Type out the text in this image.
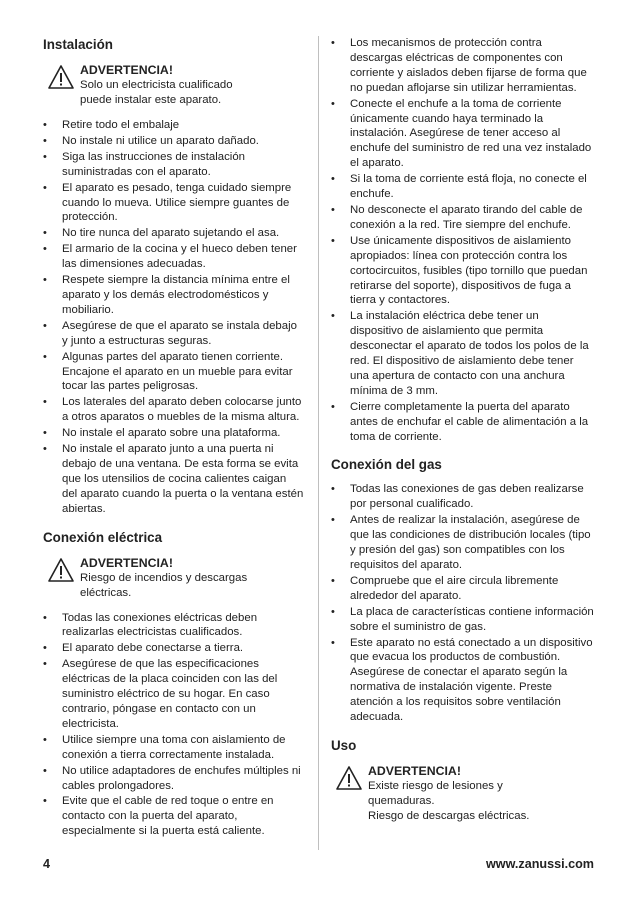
Instalación
ADVERTENCIA!
Solo un electricista cualificado
puede instalar este aparato.
• Retire todo el embalaje
• No instale ni utilice un aparato dañado.
• Siga las instrucciones de instalación suministradas con el aparato.
• El aparato es pesado, tenga cuidado siempre cuando lo mueva. Utilice siempre guantes de protección.
• No tire nunca del aparato sujetando el asa.
• El armario de la cocina y el hueco deben tener las dimensiones adecuadas.
• Respete siempre la distancia mínima entre el aparato y los demás electrodomésticos y mobiliario.
• Asegúrese de que el aparato se instala debajo y junto a estructuras seguras.
• Algunas partes del aparato tienen corriente. Encajone el aparato en un mueble para evitar tocar las partes peligrosas.
• Los laterales del aparato deben colocarse junto a otros aparatos o muebles de la misma altura.
• No instale el aparato sobre una plataforma.
• No instale el aparato junto a una puerta ni debajo de una ventana. De esta forma se evita que los utensilios de cocina calientes caigan del aparato cuando la puerta o la ventana estén abiertas.
Conexión eléctrica
ADVERTENCIA!
Riesgo de incendios y descargas
eléctricas.
• Todas las conexiones eléctricas deben realizarlas electricistas cualificados.
• El aparato debe conectarse a tierra.
• Asegúrese de que las especificaciones eléctricas de la placa coinciden con las del suministro eléctrico de su hogar. En caso contrario, póngase en contacto con un electricista.
• Utilice siempre una toma con aislamiento de conexión a tierra correctamente instalada.
• No utilice adaptadores de enchufes múltiples ni cables prolongadores.
• Evite que el cable de red toque o entre en contacto con la puerta del aparato, especialmente si la puerta está caliente.
• Los mecanismos de protección contra descargas eléctricas de componentes con corriente y aislados deben fijarse de forma que no puedan aflojarse sin utilizar herramientas.
• Conecte el enchufe a la toma de corriente únicamente cuando haya terminado la instalación. Asegúrese de tener acceso al enchufe del suministro de red una vez instalado el aparato.
• Si la toma de corriente está floja, no conecte el enchufe.
• No desconecte el aparato tirando del cable de conexión a la red. Tire siempre del enchufe.
• Use únicamente dispositivos de aislamiento apropiados: línea con protección contra los cortocircuitos, fusibles (tipo tornillo que puedan retirarse del soporte), dispositivos de fuga a tierra y contactores.
• La instalación eléctrica debe tener un dispositivo de aislamiento que permita desconectar el aparato de todos los polos de la red. El dispositivo de aislamiento debe tener una apertura de contacto con una anchura mínima de 3 mm.
• Cierre completamente la puerta del aparato antes de enchufar el cable de alimentación a la toma de corriente.
Conexión del gas
• Todas las conexiones de gas deben realizarse por personal cualificado.
• Antes de realizar la instalación, asegúrese de que las condiciones de distribución locales (tipo y presión del gas) son compatibles con los requisitos del aparato.
• Compruebe que el aire circula libremente alrededor del aparato.
• La placa de características contiene información sobre el suministro de gas.
• Este aparato no está conectado a un dispositivo que evacua los productos de combustión. Asegúrese de conectar el aparato según la normativa de instalación vigente. Preste atención a los requisitos sobre ventilación adecuada.
Uso
ADVERTENCIA!
Existe riesgo de lesiones y
quemaduras.
Riesgo de descargas eléctricas.
4	www.zanussi.com
